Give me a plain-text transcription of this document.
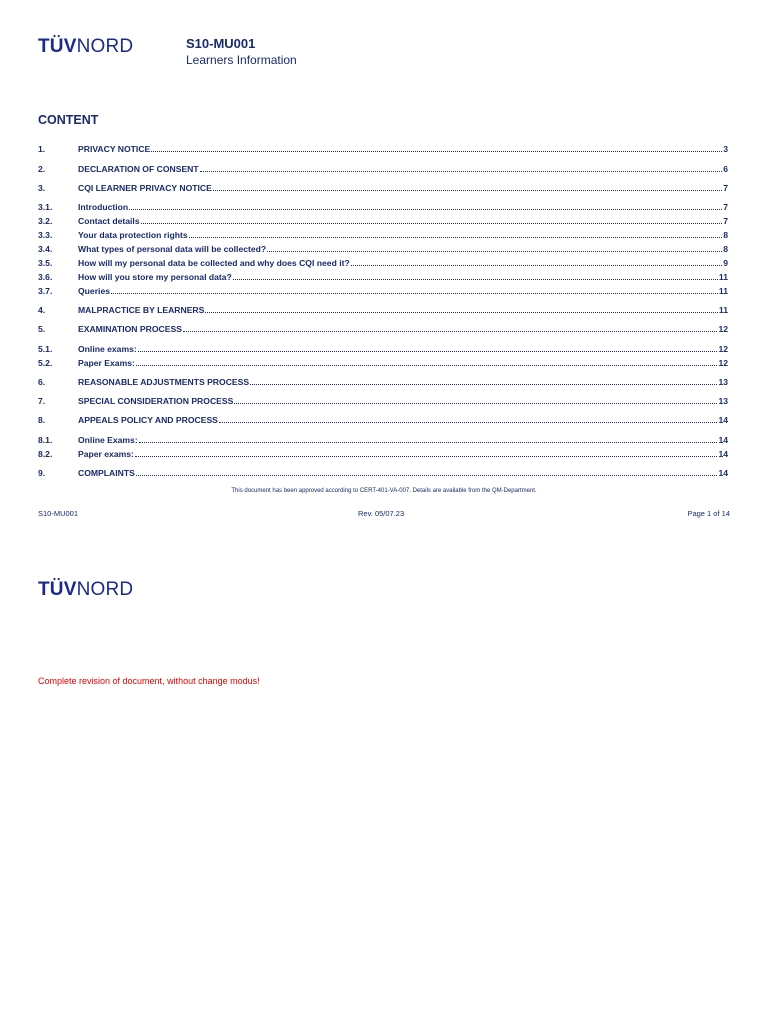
TÜVNORD	S10-MU001
Learners Information
CONTENT
1.	PRIVACY NOTICE	3
2.	DECLARATION OF CONSENT	6
3.	CQI LEARNER PRIVACY NOTICE	7
3.1.	Introduction	7
3.2.	Contact details	7
3.3.	Your data protection rights	8
3.4.	What types of personal data will be collected?	8
3.5.	How will my personal data be collected and why does CQI need it?	9
3.6.	How will you store my personal data?	11
3.7.	Queries	11
4.	MALPRACTICE BY LEARNERS	11
5.	EXAMINATION PROCESS	12
5.1.	Online exams:	12
5.2.	Paper Exams:	12
6.	REASONABLE ADJUSTMENTS PROCESS	13
7.	SPECIAL CONSIDERATION PROCESS	13
8.	APPEALS POLICY AND PROCESS	14
8.1.	Online Exams:	14
8.2.	Paper exams:	14
9.	COMPLAINTS	14
This document has been approved according to CERT-401-VA-007. Details are available from the QM-Department.
S10-MU001	Rev. 05/07.23	Page 1 of 14
TÜVNORD
Complete revision of document, without change modus!
